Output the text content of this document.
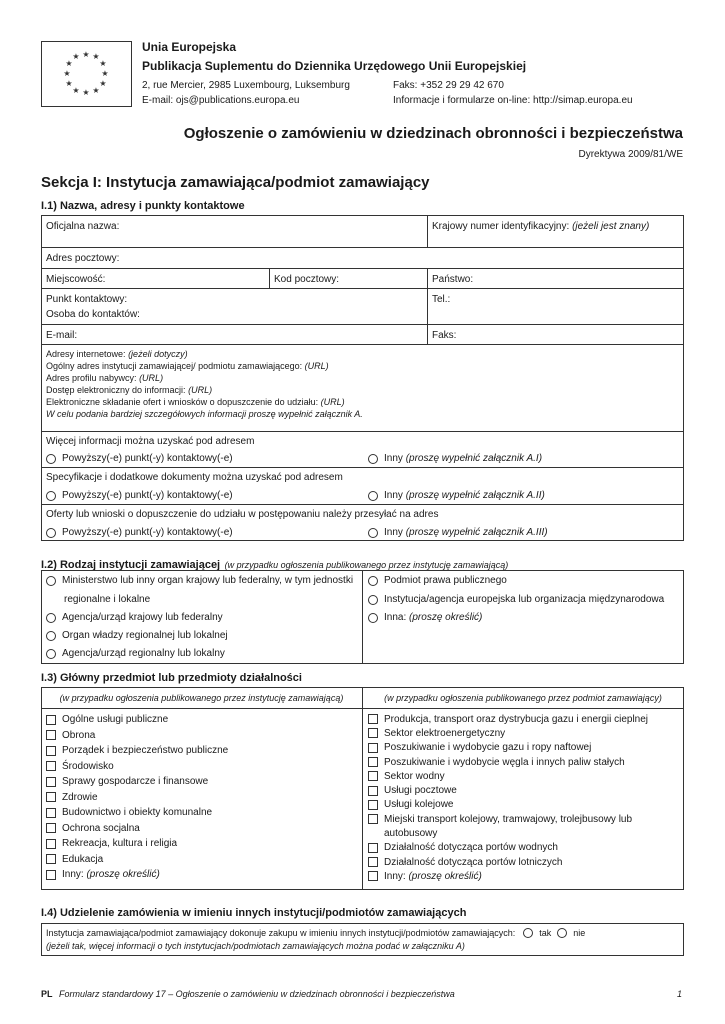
★ ★
★
★
★
★
★
★
★
★
★
★
Unia Europejska
Publikacja Suplementu do Dziennika Urzędowego Unii Europejskiej
2, rue Mercier, 2985 Luxembourg, Luksemburg	Faks: +352 29 29 42 670
E-mail: ojs@publications.europa.eu	Informacje i formularze on-line: http://simap.europa.eu
Ogłoszenie o zamówieniu w dziedzinach obronności i bezpieczeństwa
Dyrektywa 2009/81/WE
Sekcja I: Instytucja zamawiająca/podmiot zamawiający
I.1) Nazwa, adresy i punkty kontaktowe
Oficjalna nazwa:	Krajowy numer identyfikacyjny: (jeżeli jest znany)
Adres pocztowy:
Miejscowość:	Kod pocztowy:	Państwo:
Punkt kontaktowy:	Tel.:
Osoba do kontaktów:
E-mail:	Faks:
Adresy internetowe: (jeżeli dotyczy)
Ogólny adres instytucji zamawiającej/ podmiotu zamawiającego: (URL)
Adres profilu nabywcy: (URL)
Dostęp elektroniczny do informacji: (URL)
Elektroniczne składanie ofert i wniosków o dopuszczenie do udziału: (URL)
W celu podania bardziej szczegółowych informacji proszę wypełnić załącznik A.
Więcej informacji można uzyskać pod adresem
Powyższy(-e) punkt(-y) kontaktowy(-e)	Inny
(proszę wypełnić załącznik A.I)
Specyfikacje i dodatkowe dokumenty można uzyskać pod adresem
Powyższy(-e) punkt(-y) kontaktowy(-e)	Inny
(proszę wypełnić załącznik A.II)
Oferty lub wnioski o dopuszczenie do udziału w postępowaniu należy przesyłać na adres
Powyższy(-e) punkt(-y) kontaktowy(-e)	Inny
(proszę wypełnić załącznik A.III)
I.2) Rodzaj instytucji zamawiającej (w przypadku ogłoszenia publikowanego przez instytucję zamawiającą)
Ministerstwo lub inny organ krajowy lub federalny, w tym jednostki
regionalne i lokalne
Agencja/urząd krajowy lub federalny
Organ władzy regionalnej lub lokalnej
Agencja/urząd regionalny lub lokalny
Podmiot prawa publicznego
Instytucja/agencja europejska lub organizacja międzynarodowa
Inna:
(proszę określić)
I.3) Główny przedmiot lub przedmioty działalności
(w przypadku ogłoszenia publikowanego przez instytucję zamawiającą)	(w przypadku ogłoszenia publikowanego przez podmiot zamawiający)
Ogólne usługi publiczne
Obrona
Porządek i bezpieczeństwo publiczne
Środowisko
Sprawy gospodarcze i finansowe
Zdrowie
Budownictwo i obiekty komunalne
Ochrona socjalna
Rekreacja, kultura i religia
Edukacja
Inny:
(proszę określić)
Produkcja, transport oraz dystrybucja gazu i energii cieplnej
Sektor elektroenergetyczny
Poszukiwanie i wydobycie gazu i ropy naftowej
Poszukiwanie i wydobycie węgla i innych paliw stałych
Sektor wodny
Usługi pocztowe
Usługi kolejowe
Miejski transport kolejowy, tramwajowy, trolejbusowy lub
autobusowy
Działalność dotycząca portów wodnych
Działalność dotycząca portów lotniczych
Inny:
(proszę określić)
I.4) Udzielenie zamówienia w imieniu innych instytucji/podmiotów zamawiających
Instytucja zamawiająca/podmiot zamawiający dokonuje zakupu w imieniu innych instytucji/podmiotów zamawiających:	tak nie
(jeżeli tak, więcej informacji o tych instytucjach/podmiotach zamawiających można podać w załączniku A)
PL Formularz standardowy 17 – Ogłoszenie o zamówieniu w dziedzinach obronności i bezpieczeństwa	1
